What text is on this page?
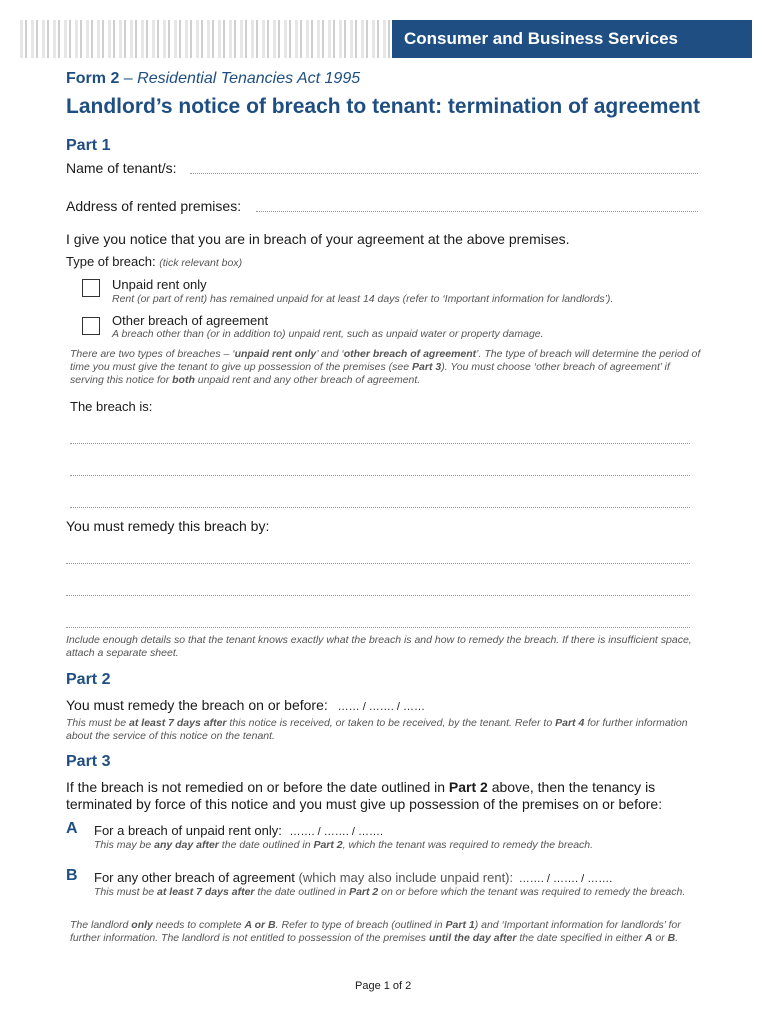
Consumer and Business Services
Form 2 – Residential Tenancies Act 1995
Landlord’s notice of breach to tenant: termination of agreement
Part 1
Name of tenant/s:
Address of rented premises:
I give you notice that you are in breach of your agreement at the above premises.
Type of breach: (tick relevant box)
Unpaid rent only
Rent (or part of rent) has remained unpaid for at least 14 days (refer to ‘Important information for landlords’).
Other breach of agreement
A breach other than (or in addition to) unpaid rent, such as unpaid water or property damage.
There are two types of breaches – ‘unpaid rent only’ and ‘other breach of agreement’. The type of breach will determine the period of time you must give the tenant to give up possession of the premises (see Part 3). You must choose ‘other breach of agreement’ if serving this notice for both unpaid rent and any other breach of agreement.
The breach is:
You must remedy this breach by:
Include enough details so that the tenant knows exactly what the breach is and how to remedy the breach. If there is insufficient space, attach a separate sheet.
Part 2
You must remedy the breach on or before: …… / ……. / ……
This must be at least 7 days after this notice is received, or taken to be received, by the tenant. Refer to Part 4 for further information about the service of this notice on the tenant.
Part 3
If the breach is not remedied on or before the date outlined in Part 2 above, then the tenancy is terminated by force of this notice and you must give up possession of the premises on or before:
A For a breach of unpaid rent only: ……. / ……. / …….
This may be any day after the date outlined in Part 2, which the tenant was required to remedy the breach.
B For any other breach of agreement (which may also include unpaid rent): ……. / ……. / …….
This must be at least 7 days after the date outlined in Part 2 on or before which the tenant was required to remedy the breach.
The landlord only needs to complete A or B. Refer to type of breach (outlined in Part 1) and ‘Important information for landlords’ for further information. The landlord is not entitled to possession of the premises until the day after the date specified in either A or B.
Page 1 of 2
